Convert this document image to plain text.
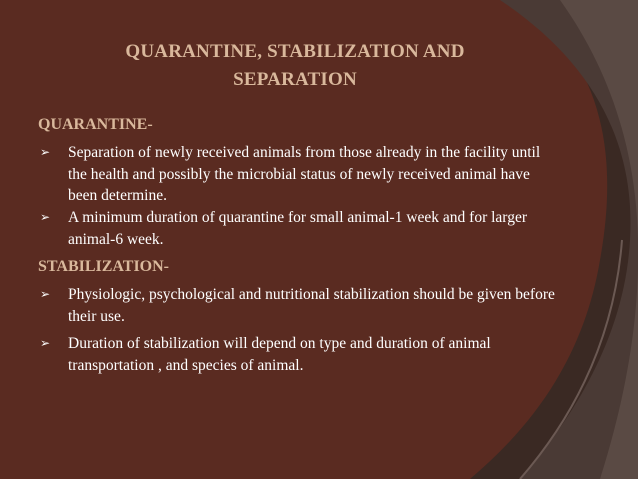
QUARANTINE, STABILIZATION AND
SEPARATION
QUARANTINE-
➢	Separation of newly received animals from those already in the facility until the health and possibly the microbial status of newly received animal have been determine.
➢	A minimum duration of quarantine for small animal-1 week and for larger animal-6 week.
STABILIZATION-
➢	Physiologic, psychological and nutritional stabilization should be given before their use.
➢	Duration of stabilization will depend on type and duration of animal transportation , and species of animal.
